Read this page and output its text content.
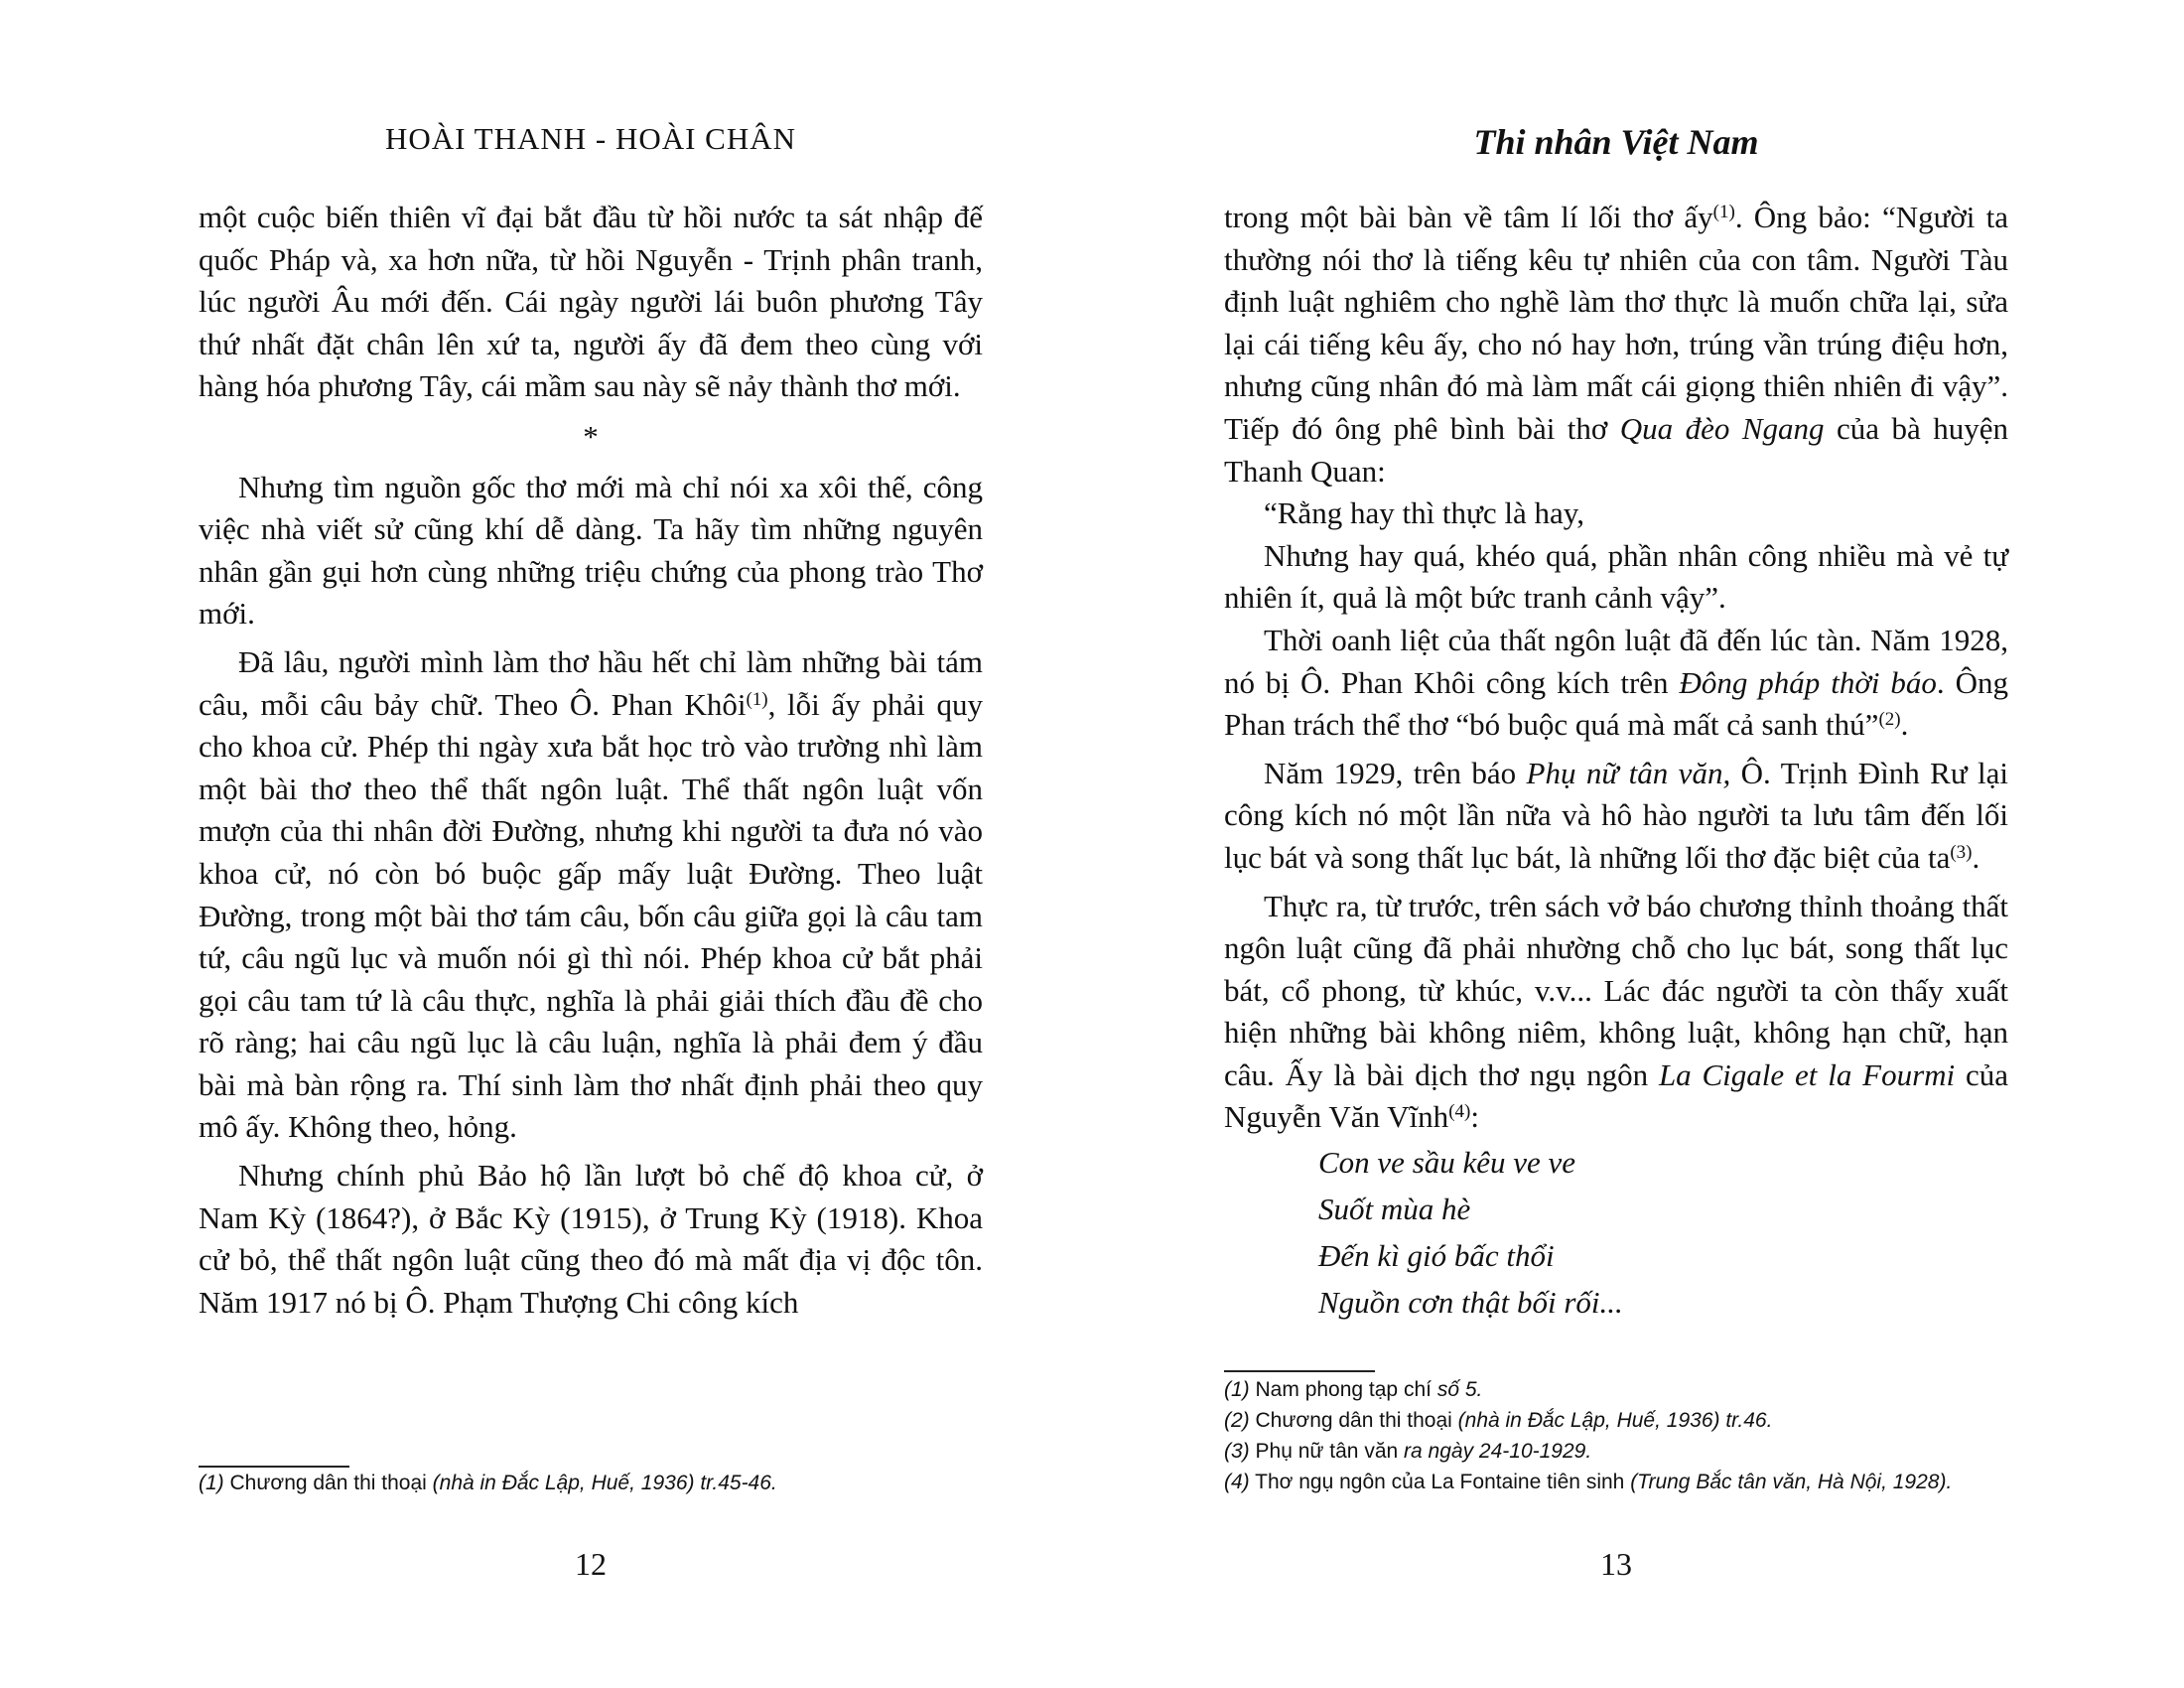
HOÀI THANH - HOÀI CHÂN

một cuộc biến thiên vĩ đại bắt đầu từ hồi nước ta sát nhập đế quốc Pháp và, xa hơn nữa, từ hồi Nguyễn - Trịnh phân tranh, lúc người Âu mới đến. Cái ngày người lái buôn phương Tây thứ nhất đặt chân lên xứ ta, người ấy đã đem theo cùng với hàng hóa phương Tây, cái mầm sau này sẽ nảy thành thơ mới.

*

Nhưng tìm nguồn gốc thơ mới mà chỉ nói xa xôi thế, công việc nhà viết sử cũng khí dễ dàng. Ta hãy tìm những nguyên nhân gần gụi hơn cùng những triệu chứng của phong trào Thơ mới.

Đã lâu, người mình làm thơ hầu hết chỉ làm những bài tám câu, mỗi câu bảy chữ. Theo Ô. Phan Khôi$^{(1)}$, lỗi ấy phải quy cho khoa cử. Phép thi ngày xưa bắt học trò vào trường nhì làm một bài thơ theo thể thất ngôn luật. Thể thất ngôn luật vốn mượn của thi nhân đời Đường, nhưng khi người ta đưa nó vào khoa cử, nó còn bó buộc gấp mấy luật Đường. Theo luật Đường, trong một bài thơ tám câu, bốn câu giữa gọi là câu tam tứ, câu ngũ lục và muốn nói gì thì nói. Phép khoa cử bắt phải gọi câu tam tứ là câu thực, nghĩa là phải giải thích đầu đề cho rõ ràng; hai câu ngũ lục là câu luận, nghĩa là phải đem ý đầu bài mà bàn rộng ra. Thí sinh làm thơ nhất định phải theo quy mô ấy. Không theo, hỏng.

Nhưng chính phủ Bảo hộ lần lượt bỏ chế độ khoa cử, ở Nam Kỳ (1864?), ở Bắc Kỳ (1915), ở Trung Kỳ (1918). Khoa cử bỏ, thể thất ngôn luật cũng theo đó mà mất địa vị độc tôn. Năm 1917 nó bị Ô. Phạm Thượng Chi công kích

(1) Chương dân thi thoại (nhà in Đắc Lập, Huế, 1936) tr.45-46.
12
Thi nhân Việt Nam

trong một bài bàn về tâm lí lối thơ ấy$^{(1)}$. Ông bảo: “Người ta thường nói thơ là tiếng kêu tự nhiên của con tâm. Người Tàu định luật nghiêm cho nghề làm thơ thực là muốn chữa lại, sửa lại cái tiếng kêu ấy, cho nó hay hơn, trúng vần trúng điệu hơn, nhưng cũng nhân đó mà làm mất cái giọng thiên nhiên đi vậy”. Tiếp đó ông phê bình bài thơ Qua đèo Ngang của bà huyện Thanh Quan:

“Rằng hay thì thực là hay,

Nhưng hay quá, khéo quá, phần nhân công nhiều mà vẻ tự nhiên ít, quả là một bức tranh cảnh vậy”.

Thời oanh liệt của thất ngôn luật đã đến lúc tàn. Năm 1928, nó bị Ô. Phan Khôi công kích trên Đông pháp thời báo. Ông Phan trách thể thơ “bó buộc quá mà mất cả sanh thú”$^{(2)}$.

Năm 1929, trên báo Phụ nữ tân văn, Ô. Trịnh Đình Rư lại công kích nó một lần nữa và hô hào người ta lưu tâm đến lối lục bát và song thất lục bát, là những lối thơ đặc biệt của $ta^{(3)}$.

Thực ra, từ trước, trên sách vở báo chương thỉnh thoảng thất ngôn luật cũng đã phải nhường chỗ cho lục bát, song thất lục bát, cổ phong, từ khúc, v.v... Lác đác người ta còn thấy xuất hiện những bài không niêm, không luật, không hạn chữ, hạn câu. Ấy là bài dịch thơ ngụ ngôn La Cigale et la Fourmi của Nguyễn Văn Vĩnh$^{(4)}$:

Con ve sầu kêu ve ve
Suốt mùa hè
Đến kì gió bấc thổi
Nguồn cơn thật bối rối...
(1) Nam phong tạp chí số 5.
(2) Chương dân thi thoại (nhà in Đắc Lập, Huế, 1936) tr.46.
(3) Phụ nữ tân văn ra ngày 24-10-1929.
(4) Thơ ngụ ngôn của La Fontaine tiên sinh (Trung Bắc tân văn, Hà Nội, 1928).
13
